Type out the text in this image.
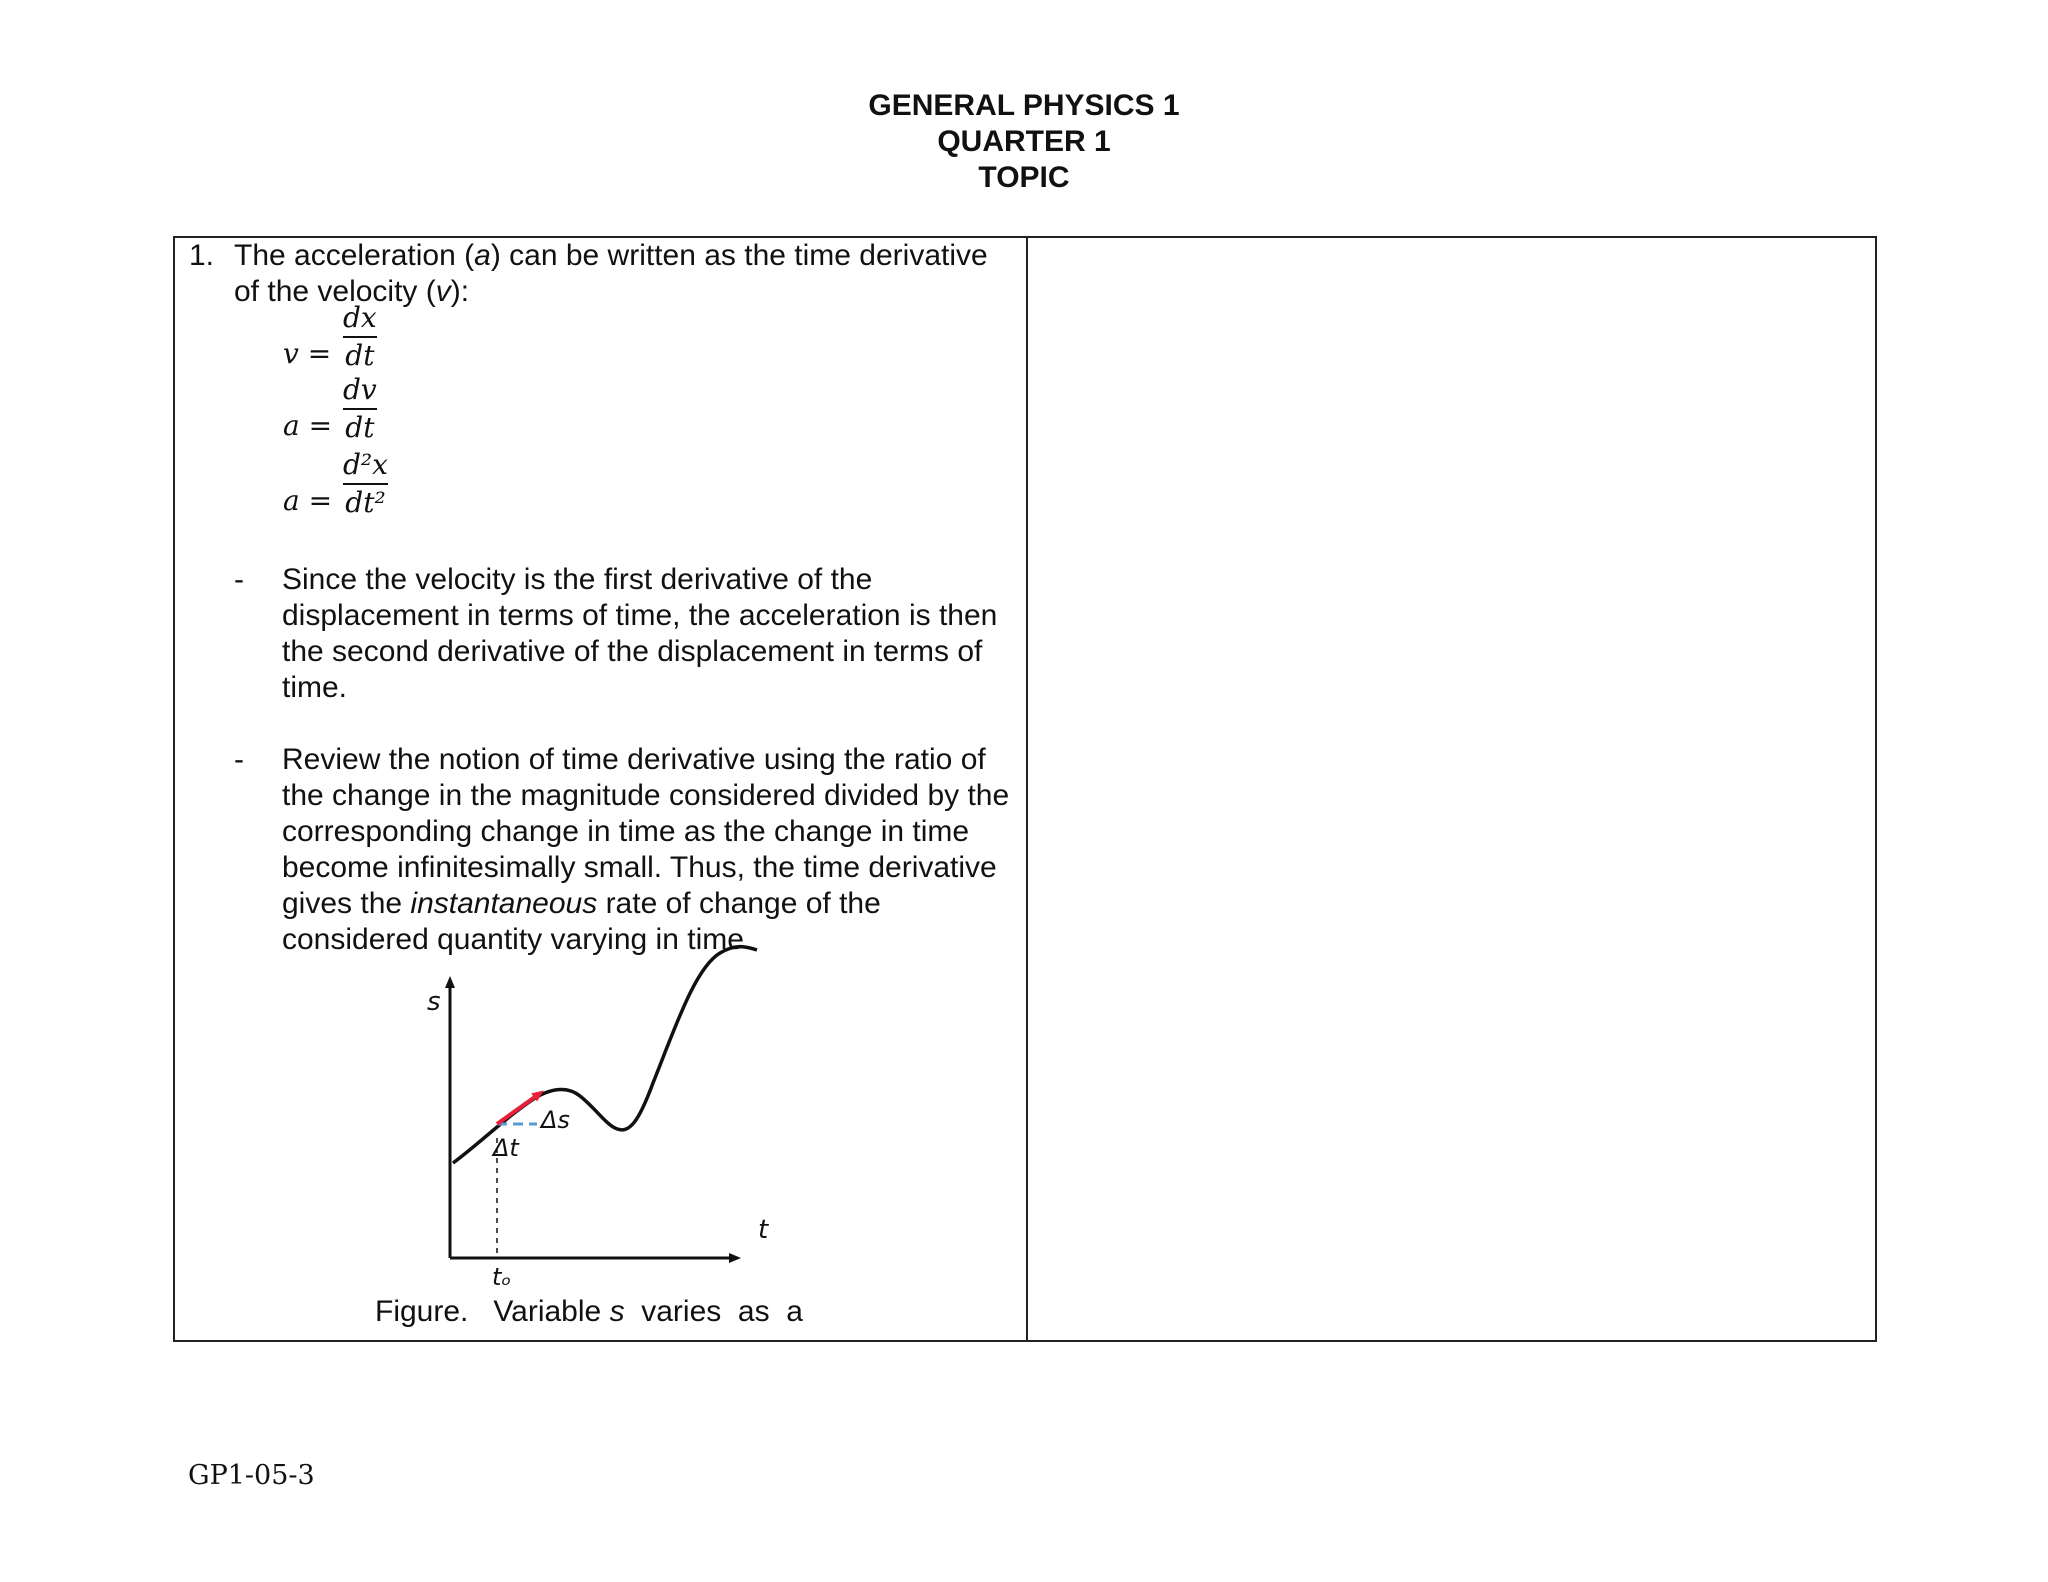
GENERAL PHYSICS 1
QUARTER 1
TOPIC
1. The acceleration (a) can be written as the time derivative of the velocity (v):
v =
dx
dt
a =
dv
dt
a =
d²x
dt²
- Since the velocity is the first derivative of the displacement in terms of time, the acceleration is then the second derivative of the displacement in terms of time.
- Review the notion of time derivative using the ratio of the change in the magnitude considered divided by the corresponding change in time as the change in time become infinitesimally small. Thus, the time derivative gives the instantaneous rate of change of the considered quantity varying in time
s
t
Δs
Δt
tₒ
Figure.   Variable s  varies  as  a
GP1-05-3
